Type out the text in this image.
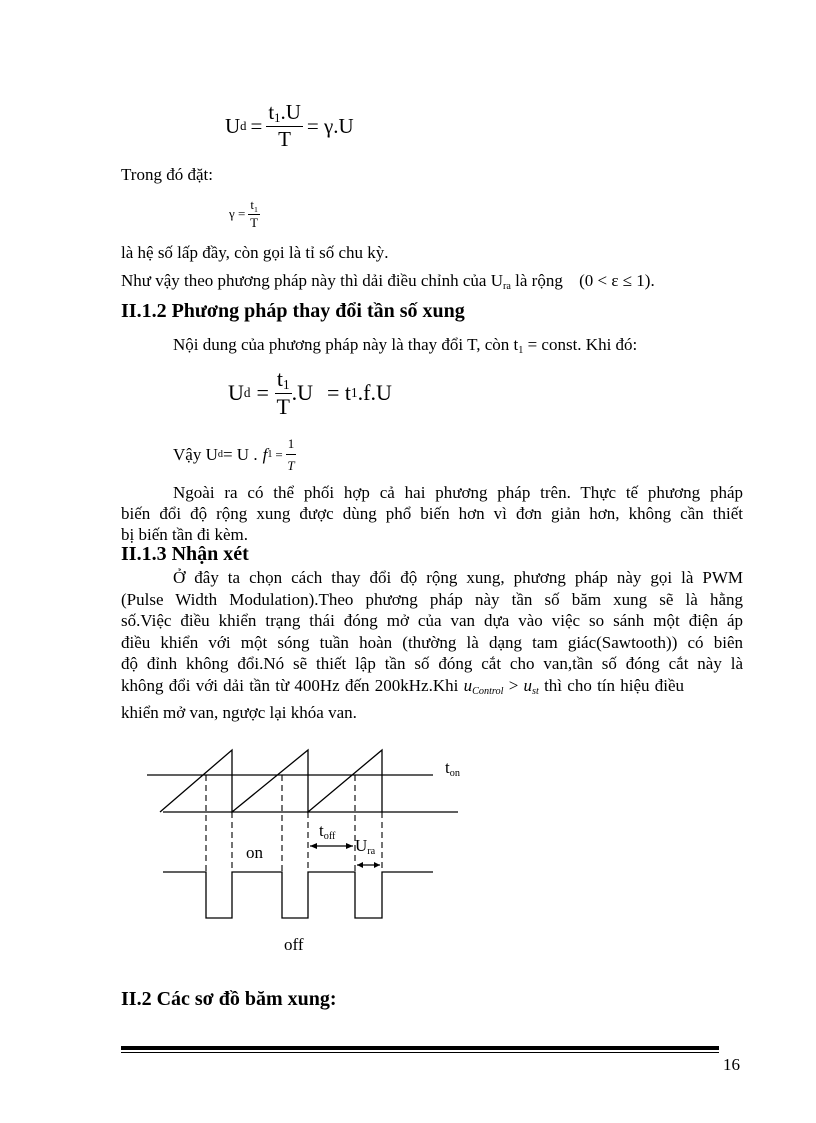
U $d = \frac{t_1.U}{T} = \gamma.U$
Trong đó đặt:
$\gamma = \frac{t_1}{T}$
là hệ số lấp đầy, còn gọi là tỉ số chu kỳ.
Như vậy theo phương pháp này thì dải điều chỉnh của $U_{ra}$ là rộng (0 < ε ≤ 1).
II.1.2 Phương pháp thay đổi tần số xung
Nội dung của phương pháp này là thay đổi T, còn $t_1$ = const. Khi đó:
U $d = \frac{t_1}{T} .U = t$ 1 .f.U
Vậy U d = U . f $1 = \frac{1}{T}$
Ngoài ra có thể phối hợp cả hai phương pháp trên. Thực tế phương pháp
biến đổi độ rộng xung được dùng phổ biến hơn vì đơn giản hơn, không cần thiết
bị biến tần đi kèm.
II.1.3 Nhận xét
Ở đây ta chọn cách thay đổi độ rộng xung, phương pháp này gọi là PWM
(Pulse Width Modulation).Theo phương pháp này tần số băm xung sẽ là hằng
số.Việc điều khiển trạng thái đóng mở của van dựa vào việc so sánh một điện áp
điều khiển với một sóng tuần hoàn (thường là dạng tam giác(Sawtooth)) có biên
độ đỉnh không đổi.Nó sẽ thiết lập tần số đóng cắt cho van,tần số đóng cắt này là
không đổi với dải tần từ 400Hz đến 200kHz.Khi $u_{Control} > u_{st}$ thì cho tín hiệu điều
khiển mở van, ngược lại khóa van.
$t_{on}$
$t_{off}$ $U_{ra}$
on
off
II.2 Các sơ đồ băm xung:
16
